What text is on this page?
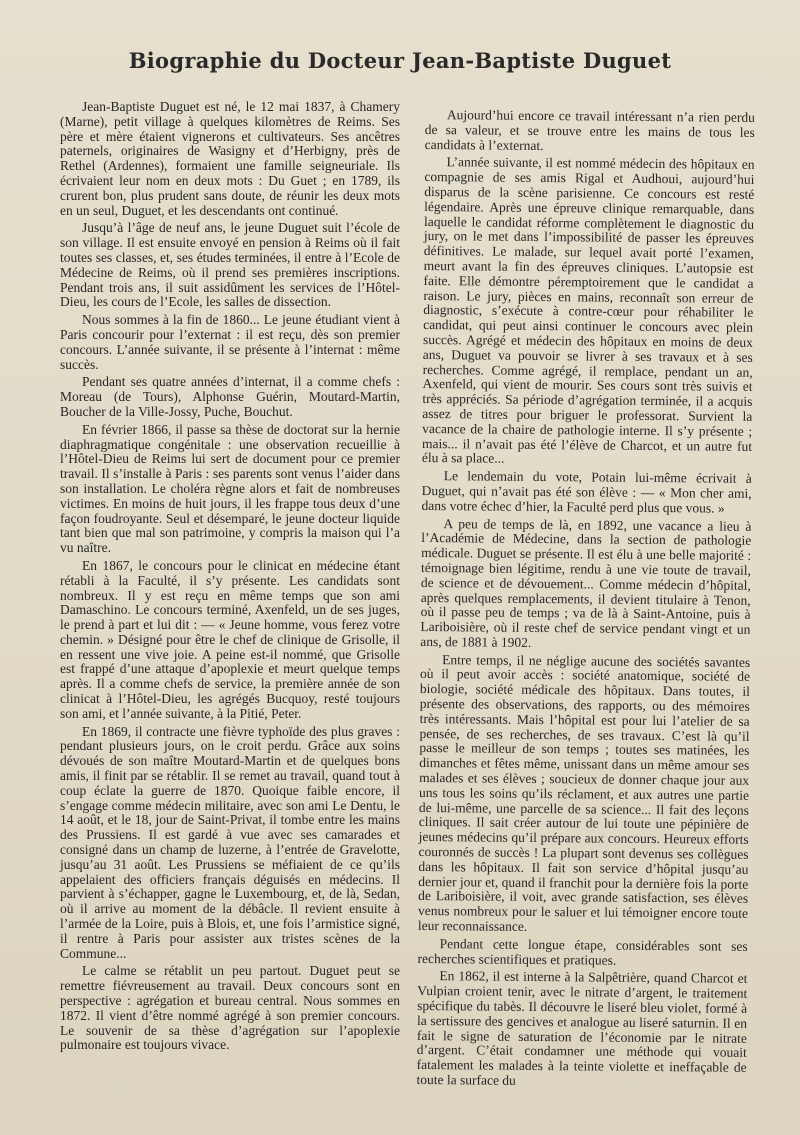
Biographie du Docteur Jean-Baptiste Duguet

Jean-Baptiste Duguet est né, le 12 mai 1837, à Chamery (Marne), petit village à quelques kilomètres de Reims. Ses père et mère étaient vignerons et cultivateurs. Ses ancêtres paternels, originaires de Wasigny et d’Herbigny, près de Rethel (Ardennes), formaient une famille seigneuriale. Ils écrivaient leur nom en deux mots : Du Guet ; en 1789, ils crurent bon, plus prudent sans doute, de réunir les deux mots en un seul, Duguet, et les descendants ont continué.

Jusqu’à l’âge de neuf ans, le jeune Duguet suit l’école de son village. Il est ensuite envoyé en pension à Reims où il fait toutes ses classes, et, ses études terminées, il entre à l’Ecole de Médecine de Reims, où il prend ses premières inscriptions. Pendant trois ans, il suit assidûment les services de l’Hôtel-Dieu, les cours de l’Ecole, les salles de dissection.

Nous sommes à la fin de 1860... Le jeune étudiant vient à Paris concourir pour l’externat : il est reçu, dès son premier concours. L’année suivante, il se présente à l’internat : même succès.

Pendant ses quatre années d’internat, il a comme chefs : Moreau (de Tours), Alphonse Guérin, Moutard-Martin, Boucher de la Ville-Jossy, Puche, Bouchut.

En février 1866, il passe sa thèse de doctorat sur la hernie diaphragmatique congénitale : une observation recueillie à l’Hôtel-Dieu de Reims lui sert de document pour ce premier travail. Il s’installe à Paris : ses parents sont venus l’aider dans son installation. Le choléra règne alors et fait de nombreuses victimes. En moins de huit jours, il les frappe tous deux d’une façon foudroyante. Seul et désemparé, le jeune docteur liquide tant bien que mal son patrimoine, y compris la maison qui l’a vu naître.

En 1867, le concours pour le clinicat en médecine étant rétabli à la Faculté, il s’y présente. Les candidats sont nombreux. Il y est reçu en même temps que son ami Damaschino. Le concours terminé, Axenfeld, un de ses juges, le prend à part et lui dit : — « Jeune homme, vous ferez votre chemin. » Désigné pour être le chef de clinique de Grisolle, il en ressent une vive joie. A peine est-il nommé, que Grisolle est frappé d’une attaque d’apoplexie et meurt quelque temps après. Il a comme chefs de service, la première année de son clinicat à l’Hôtel-Dieu, les agrégés Bucquoy, resté toujours son ami, et l’année suivante, à la Pitié, Peter.

En 1869, il contracte une fièvre typhoïde des plus graves : pendant plusieurs jours, on le croit perdu. Grâce aux soins dévoués de son maître Moutard-Martin et de quelques bons amis, il finit par se rétablir. Il se remet au travail, quand tout à coup éclate la guerre de 1870. Quoique faible encore, il s’engage comme médecin militaire, avec son ami Le Dentu, le 14 août, et le 18, jour de Saint-Privat, il tombe entre les mains des Prussiens. Il est gardé à vue avec ses camarades et consigné dans un champ de luzerne, à l’entrée de Gravelotte, jusqu’au 31 août. Les Prussiens se méfiaient de ce qu’ils appelaient des officiers français déguisés en médecins. Il parvient à s’échapper, gagne le Luxembourg, et, de là, Sedan, où il arrive au moment de la débâcle. Il revient ensuite à l’armée de la Loire, puis à Blois, et, une fois l’armistice signé, il rentre à Paris pour assister aux tristes scènes de la Commune...

Le calme se rétablit un peu partout. Duguet peut se remettre fiévreusement au travail. Deux concours sont en perspective : agrégation et bureau central. Nous sommes en 1872. Il vient d’être nommé agrégé à son premier concours. Le souvenir de sa thèse d’agrégation sur l’apoplexie pulmonaire est toujours vivace.

Aujourd’hui encore ce travail intéressant n’a rien perdu de sa valeur, et se trouve entre les mains de tous les candidats à l’externat.

L’année suivante, il est nommé médecin des hôpitaux en compagnie de ses amis Rigal et Audhoui, aujourd’hui disparus de la scène parisienne. Ce concours est resté légendaire. Après une épreuve clinique remarquable, dans laquelle le candidat réforme complètement le diagnostic du jury, on le met dans l’impossibilité de passer les épreuves définitives. Le malade, sur lequel avait porté l’examen, meurt avant la fin des épreuves cliniques. L’autopsie est faite. Elle démontre péremptoirement que le candidat a raison. Le jury, pièces en mains, reconnaît son erreur de diagnostic, s’exécute à contre-cœur pour réhabiliter le candidat, qui peut ainsi continuer le concours avec plein succès. Agrégé et médecin des hôpitaux en moins de deux ans, Duguet va pouvoir se livrer à ses travaux et à ses recherches. Comme agrégé, il remplace, pendant un an, Axenfeld, qui vient de mourir. Ses cours sont très suivis et très appréciés. Sa période d’agrégation terminée, il a acquis assez de titres pour briguer le professorat. Survient la vacance de la chaire de pathologie interne. Il s’y présente ; mais... il n’avait pas été l’élève de Charcot, et un autre fut élu à sa place...

Le lendemain du vote, Potain lui-même écrivait à Duguet, qui n’avait pas été son élève : — « Mon cher ami, dans votre échec d’hier, la Faculté perd plus que vous. »

A peu de temps de là, en 1892, une vacance a lieu à l’Académie de Médecine, dans la section de pathologie médicale. Duguet se présente. Il est élu à une belle majorité : témoignage bien légitime, rendu à une vie toute de travail, de science et de dévouement... Comme médecin d’hôpital, après quelques remplacements, il devient titulaire à Tenon, où il passe peu de temps ; va de là à Saint-Antoine, puis à Lariboisière, où il reste chef de service pendant vingt et un ans, de 1881 à 1902.

Entre temps, il ne néglige aucune des sociétés savantes où il peut avoir accès : société anatomique, société de biologie, société médicale des hôpitaux. Dans toutes, il présente des observations, des rapports, ou des mémoires très intéressants. Mais l’hôpital est pour lui l’atelier de sa pensée, de ses recherches, de ses travaux. C’est là qu’il passe le meilleur de son temps ; toutes ses matinées, les dimanches et fêtes même, unissant dans un même amour ses malades et ses élèves ; soucieux de donner chaque jour aux uns tous les soins qu’ils réclament, et aux autres une partie de lui-même, une parcelle de sa science... Il fait des leçons cliniques. Il sait créer autour de lui toute une pépinière de jeunes médecins qu’il prépare aux concours. Heureux efforts couronnés de succès ! La plupart sont devenus ses collègues dans les hôpitaux. Il fait son service d’hôpital jusqu’au dernier jour et, quand il franchit pour la dernière fois la porte de Lariboisière, il voit, avec grande satisfaction, ses élèves venus nombreux pour le saluer et lui témoigner encore toute leur reconnaissance.

Pendant cette longue étape, considérables sont ses recherches scientifiques et pratiques.

En 1862, il est interne à la Salpêtrière, quand Charcot et Vulpian croient tenir, avec le nitrate d’argent, le traitement spécifique du tabès. Il découvre le liseré bleu violet, formé à la sertissure des gencives et analogue au liseré saturnin. Il en fait le signe de saturation de l’économie par le nitrate d’argent. C’était condamner une méthode qui vouait fatalement les malades à la teinte violette et ineffaçable de toute la surface du
